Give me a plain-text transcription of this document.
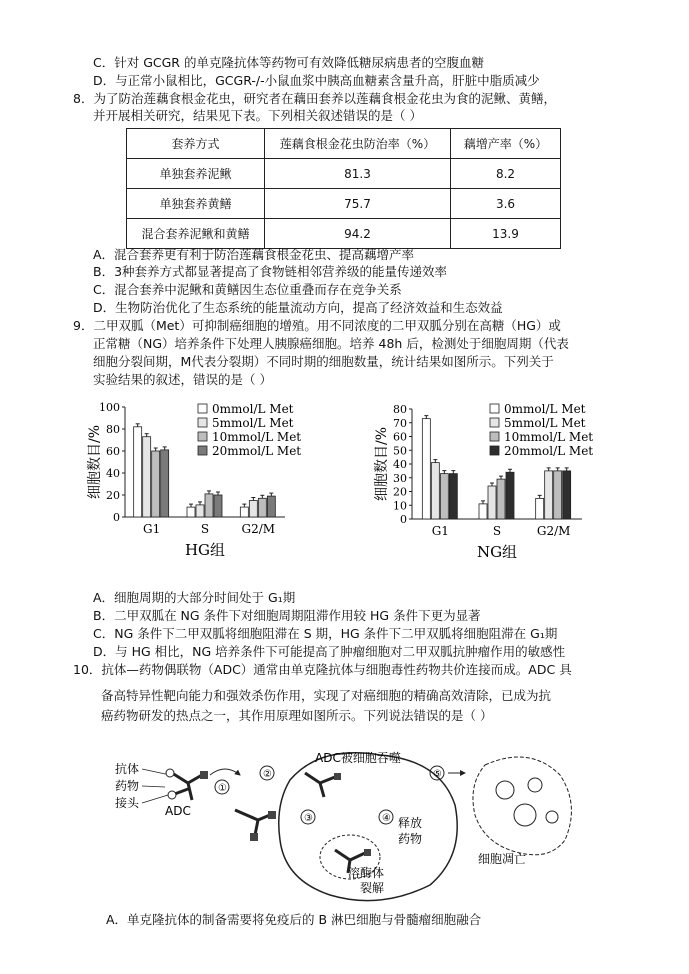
C．针对 GCGR 的单克隆抗体等药物可有效降低糖尿病患者的空腹血糖
D．与正常小鼠相比，GCGR-/-小鼠血浆中胰高血糖素含量升高，肝脏中脂质减少
8．为了防治莲藕食根金花虫，研究者在藕田套养以莲藕食根金花虫为食的泥鳅、黄鳝，
并开展相关研究，结果见下表。下列相关叙述错误的是（ ）
套养方式	莲藕食根金花虫防治率（%）	藕增产率（%）
单独套养泥鳅	81.3	8.2
单独套养黄鳝	75.7	3.6
混合套养泥鳅和黄鳝	94.2	13.9
A．混合套养更有利于防治莲藕食根金花虫、提高藕增产率
B．3种套养方式都显著提高了食物链相邻营养级的能量传递效率
C．混合套养中泥鳅和黄鳝因生态位重叠而存在竞争关系
D．生物防治优化了生态系统的能量流动方向，提高了经济效益和生态效益
9．二甲双胍（Met）可抑制癌细胞的增殖。用不同浓度的二甲双胍分别在高糖（HG）或
正常糖（NG）培养条件下处理人胰腺癌细胞。培养 48h 后，检测处于细胞周期（代表
细胞分裂间期，M代表分裂期）不同时期的细胞数量，统计结果如图所示。下列关于
实验结果的叙述，错误的是（ ）
0
20
40
60
80
100
细胞数目/%
G1	S	G2/M
0mmol/L Met
5mmol/L Met
10mmol/L Met
20mmol/L Met
HG组
0
10
20
30
40
50
60
70
80
细胞数目/%
G1	S	G2/M
0mmol/L Met
5mmol/L Met
10mmol/L Met
20mmol/L Met
NG组
A．细胞周期的大部分时间处于 G₁期
B．二甲双胍在 NG 条件下对细胞周期阻滞作用较 HG 条件下更为显著
C．NG 条件下二甲双胍将细胞阻滞在 S 期，HG 条件下二甲双胍将细胞阻滞在 G₁期
D．与 HG 相比，NG 培养条件下可能提高了肿瘤细胞对二甲双胍抗肿瘤作用的敏感性
10．抗体—药物偶联物（ADC）通常由单克隆抗体与细胞毒性药物共价连接而成。ADC 具
备高特异性靶向能力和强效杀伤作用，实现了对癌细胞的精确高效清除，已成为抗
癌药物研发的热点之一，其作用原理如图所示。下列说法错误的是（ ）
抗体
药物
接头
ADC
①
②
ADC被细胞吞噬
③
溶酶体
裂解
④ 释放
药物
⑤
细胞凋亡
A．单克隆抗体的制备需要将免疫后的 B 淋巴细胞与骨髓瘤细胞融合
